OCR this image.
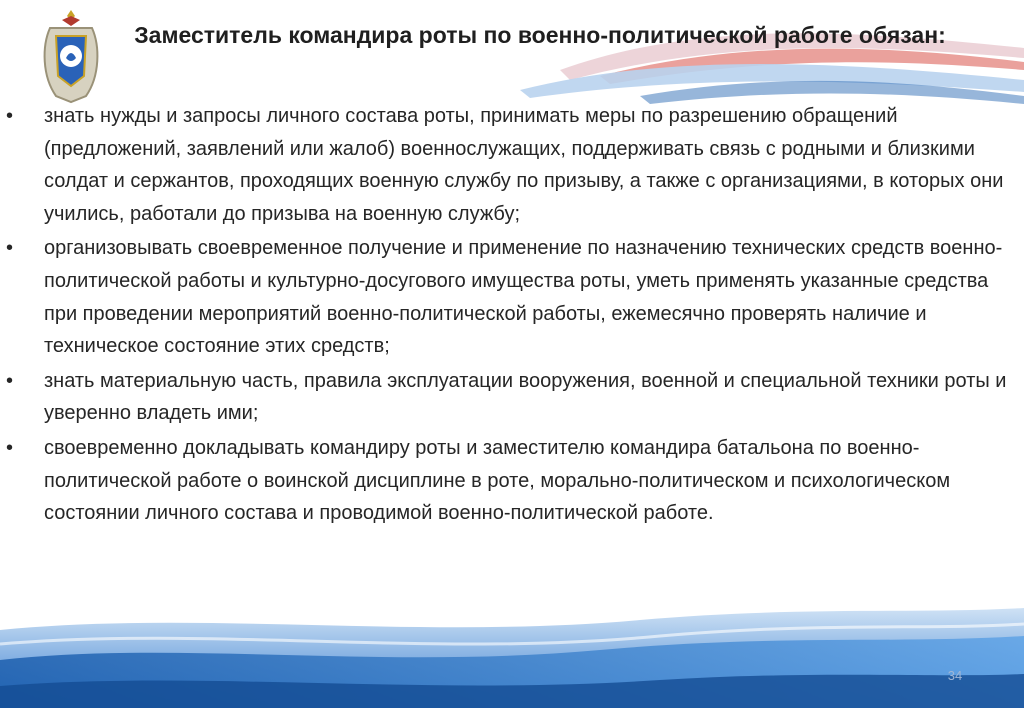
Заместитель командира роты по военно-политической работе обязан:
• знать нужды и запросы личного состава роты, принимать меры по разрешению обращений (предложений, заявлений или жалоб) военнослужащих, поддерживать связь с родными и близкими солдат и сержантов, проходящих военную службу по призыву, а также с организациями, в которых они учились, работали до призыва на военную службу;
• организовывать своевременное получение и применение по назначению технических средств военно-политической работы и культурно-досугового имущества роты, уметь применять указанные средства при проведении мероприятий военно-политической работы, ежемесячно проверять наличие и техническое состояние этих средств;
• знать материальную часть, правила эксплуатации вооружения, военной и специальной техники роты и уверенно владеть ими;
• своевременно докладывать командиру роты и заместителю командира батальона по военно-политической работе о воинской дисциплине в роте, морально-политическом и психологическом состоянии личного состава и проводимой военно-политической работе.
34
